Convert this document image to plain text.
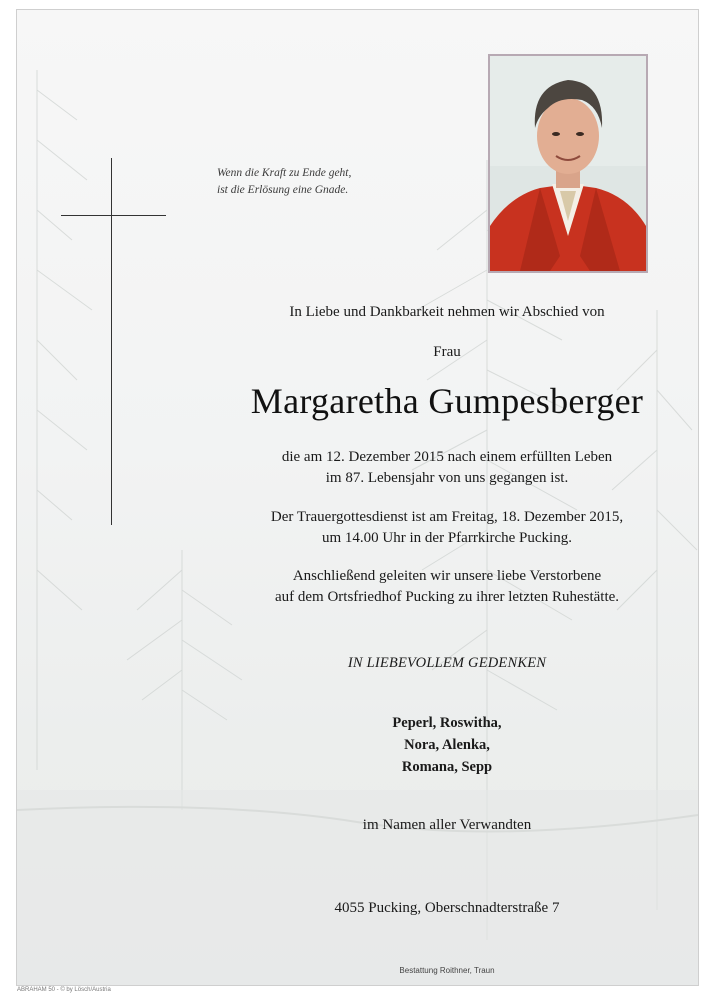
Wenn die Kraft zu Ende geht,
ist die Erlösung eine Gnade.
In Liebe und Dankbarkeit nehmen wir Abschied von
Frau
Margaretha Gumpesberger
die am 12. Dezember 2015 nach einem erfüllten Leben
im 87. Lebensjahr von uns gegangen ist.
Der Trauergottesdienst ist am Freitag, 18. Dezember 2015,
um 14.00 Uhr in der Pfarrkirche Pucking.
Anschließend geleiten wir unsere liebe Verstorbene
auf dem Ortsfriedhof Pucking zu ihrer letzten Ruhestätte.
IN LIEBEVOLLEM GEDENKEN
Peperl, Roswitha,
Nora, Alenka,
Romana, Sepp
im Namen aller Verwandten
4055 Pucking, Oberschnadterstraße 7
Bestattung Roithner, Traun
ABRAHAM 50 - © by Lösch/Austria
